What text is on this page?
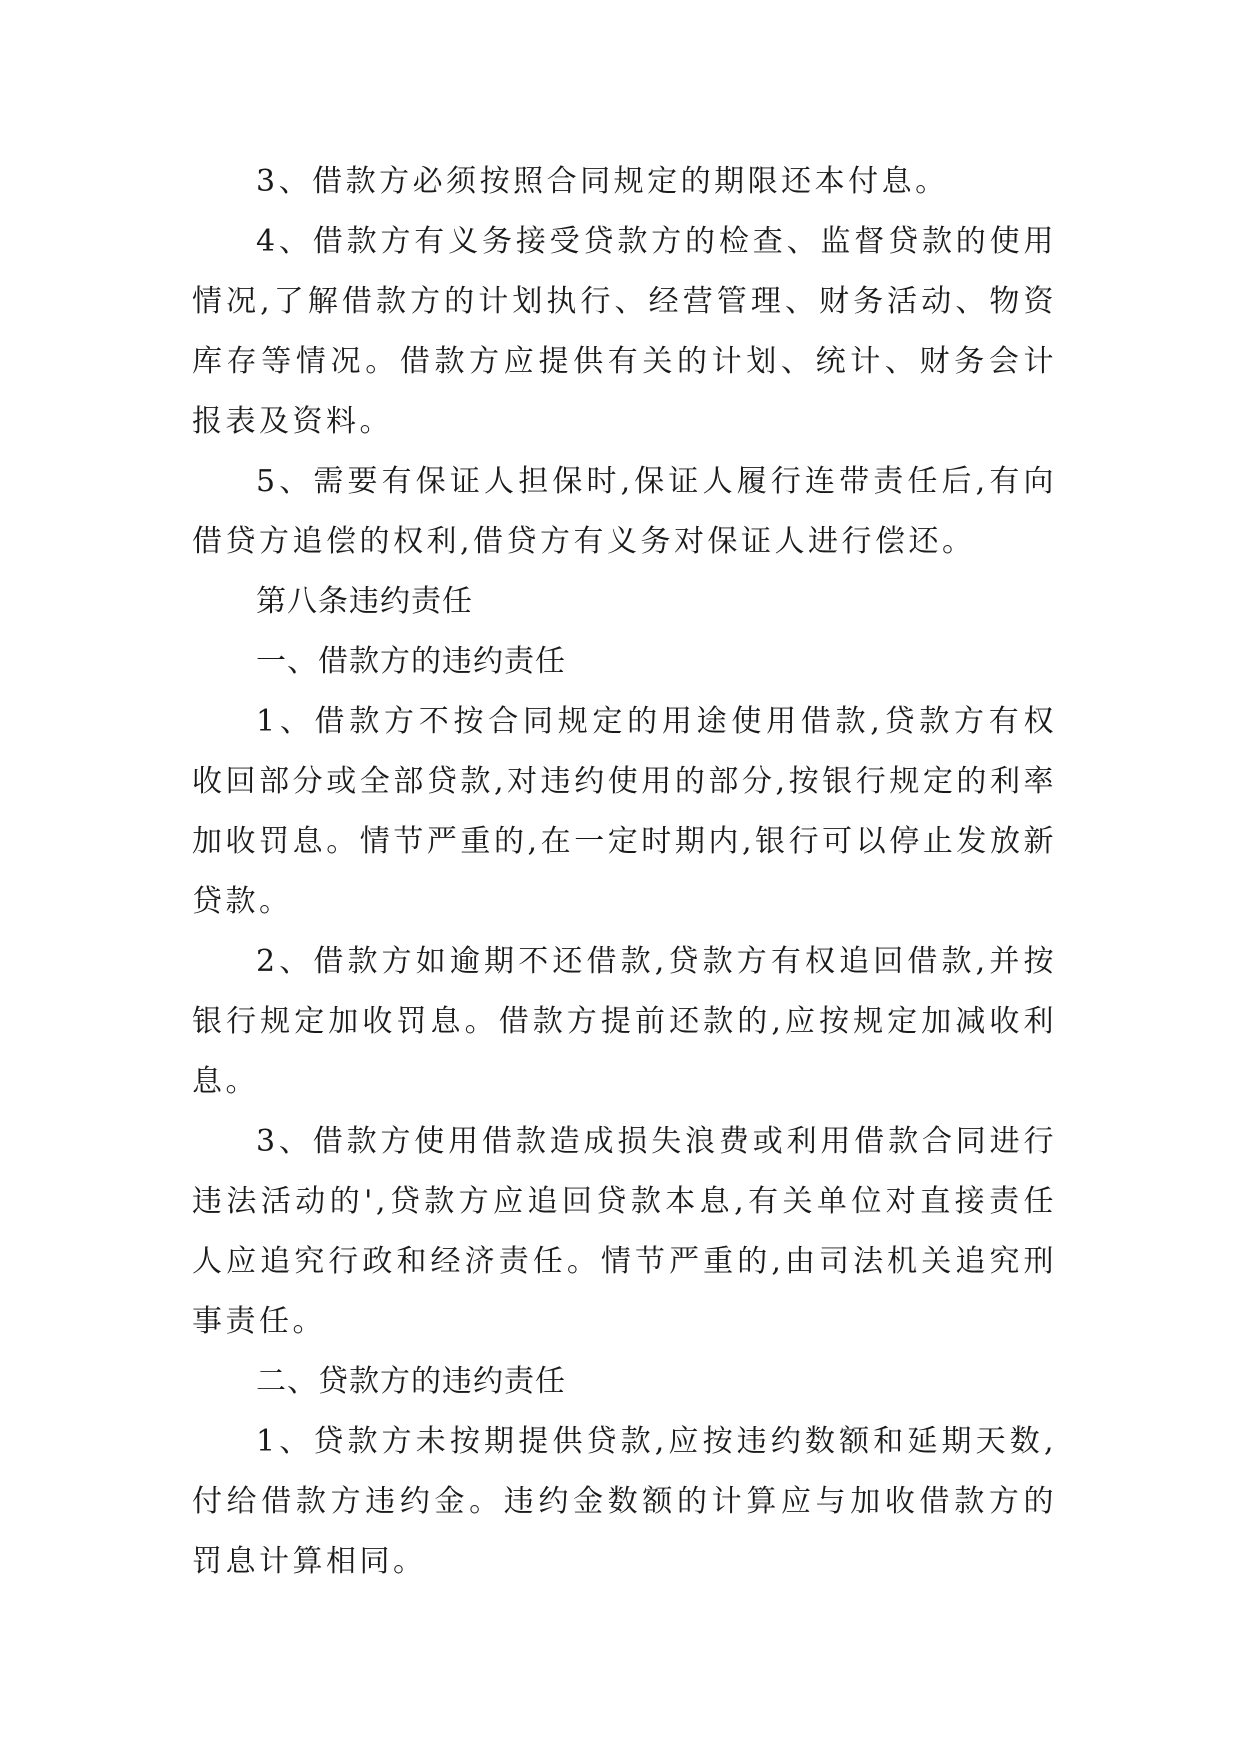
3、借款方必须按照合同规定的期限还本付息。

4、借款方有义务接受贷款方的检查、监督贷款的使用情况,了解借款方的计划执行、经营管理、财务活动、物资库存等情况。借款方应提供有关的计划、统计、财务会计报表及资料。

5、需要有保证人担保时,保证人履行连带责任后,有向借贷方追偿的权利,借贷方有义务对保证人进行偿还。

第八条违约责任

一、借款方的违约责任

1、借款方不按合同规定的用途使用借款,贷款方有权收回部分或全部贷款,对违约使用的部分,按银行规定的利率加收罚息。情节严重的,在一定时期内,银行可以停止发放新贷款。

2、借款方如逾期不还借款,贷款方有权追回借款,并按银行规定加收罚息。借款方提前还款的,应按规定加减收利息。

3、借款方使用借款造成损失浪费或利用借款合同进行违法活动的',贷款方应追回贷款本息,有关单位对直接责任人应追究行政和经济责任。情节严重的,由司法机关追究刑事责任。

二、贷款方的违约责任

1、贷款方未按期提供贷款,应按违约数额和延期天数,付给借款方违约金。违约金数额的计算应与加收借款方的罚息计算相同。
